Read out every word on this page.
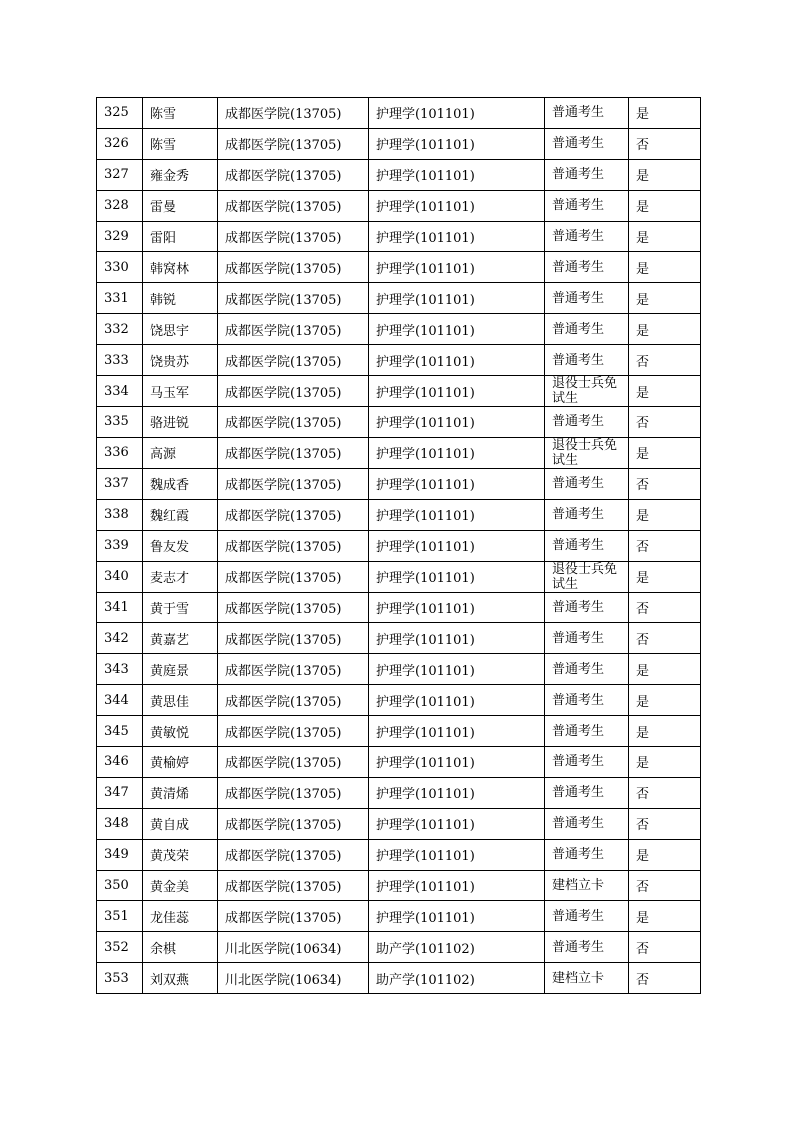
325	陈雪	成都医学院(13705)	护理学(101101)	普通考生	是
326	陈雪	成都医学院(13705)	护理学(101101)	普通考生	否
327	雍金秀	成都医学院(13705)	护理学(101101)	普通考生	是
328	雷曼	成都医学院(13705)	护理学(101101)	普通考生	是
329	雷阳	成都医学院(13705)	护理学(101101)	普通考生	是
330	韩窝林	成都医学院(13705)	护理学(101101)	普通考生	是
331	韩锐	成都医学院(13705)	护理学(101101)	普通考生	是
332	饶思宇	成都医学院(13705)	护理学(101101)	普通考生	是
333	饶贵苏	成都医学院(13705)	护理学(101101)	普通考生	否
334	马玉军	成都医学院(13705)	护理学(101101)	退役士兵免试生	是
335	骆进锐	成都医学院(13705)	护理学(101101)	普通考生	否
336	高源	成都医学院(13705)	护理学(101101)	退役士兵免试生	是
337	魏成香	成都医学院(13705)	护理学(101101)	普通考生	否
338	魏红霞	成都医学院(13705)	护理学(101101)	普通考生	是
339	鲁友发	成都医学院(13705)	护理学(101101)	普通考生	否
340	麦志才	成都医学院(13705)	护理学(101101)	退役士兵免试生	是
341	黄于雪	成都医学院(13705)	护理学(101101)	普通考生	否
342	黄嘉艺	成都医学院(13705)	护理学(101101)	普通考生	否
343	黄庭景	成都医学院(13705)	护理学(101101)	普通考生	是
344	黄思佳	成都医学院(13705)	护理学(101101)	普通考生	是
345	黄敏悦	成都医学院(13705)	护理学(101101)	普通考生	是
346	黄榆婷	成都医学院(13705)	护理学(101101)	普通考生	是
347	黄清烯	成都医学院(13705)	护理学(101101)	普通考生	否
348	黄自成	成都医学院(13705)	护理学(101101)	普通考生	否
349	黄茂荣	成都医学院(13705)	护理学(101101)	普通考生	是
350	黄金美	成都医学院(13705)	护理学(101101)	建档立卡	否
351	龙佳蕊	成都医学院(13705)	护理学(101101)	普通考生	是
352	余棋	川北医学院(10634)	助产学(101102)	普通考生	否
353	刘双燕	川北医学院(10634)	助产学(101102)	建档立卡	否
